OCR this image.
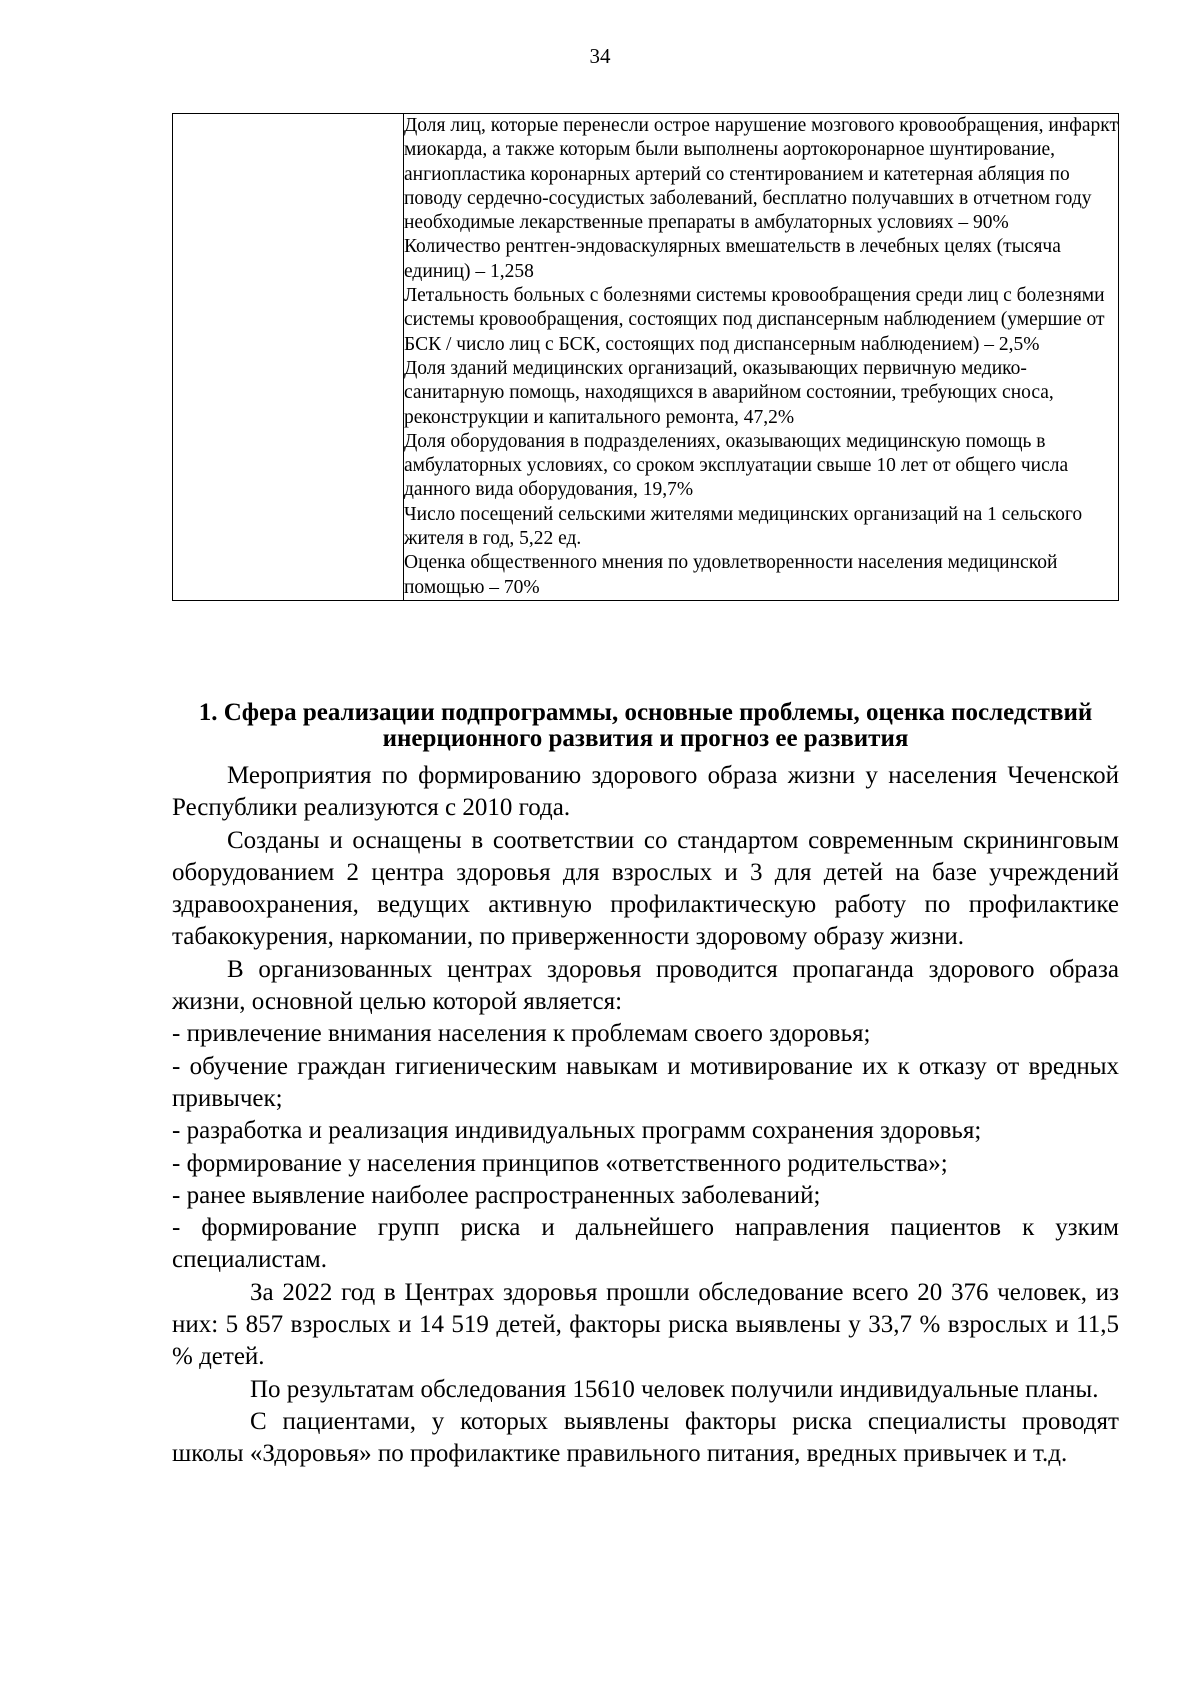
34

Доля лиц, которые перенесли острое нарушение мозгового кровообращения, инфаркт миокарда, а также которым были выполнены аортокоронарное шунтирование, ангиопластика коронарных артерий со стентированием и катетерная абляция по поводу сердечно-сосудистых заболеваний, бесплатно получавших в отчетном году необходимые лекарственные препараты в амбулаторных условиях – 90%

Количество рентген-эндоваскулярных вмешательств в лечебных целях (тысяча единиц) – 1,258

Летальность больных с болезнями системы кровообращения среди лиц с болезнями системы кровообращения, состоящих под диспансерным наблюдением (умершие от БСК / число лиц с БСК, состоящих под диспансерным наблюдением) – 2,5%

Доля зданий медицинских организаций, оказывающих первичную медико-санитарную помощь, находящихся в аварийном состоянии, требующих сноса, реконструкции и капитального ремонта, 47,2%

Доля оборудования в подразделениях, оказывающих медицинскую помощь в амбулаторных условиях, со сроком эксплуатации свыше 10 лет от общего числа данного вида оборудования, 19,7%

Число посещений сельскими жителями медицинских организаций на 1 сельского жителя в год, 5,22 ед.

Оценка общественного мнения по удовлетворенности населения медицинской помощью – 70%

1. Сфера реализации подпрограммы, основные проблемы, оценка последствий инерционного развития и прогноз ее развития

Мероприятия по формированию здорового образа жизни у населения Чеченской Республики реализуются с 2010 года.

Созданы и оснащены в соответствии со стандартом современным скрининговым оборудованием 2 центра здоровья для взрослых и 3 для детей на базе учреждений здравоохранения, ведущих активную профилактическую работу по профилактике табакокурения, наркомании, по приверженности здоровому образу жизни.

В организованных центрах здоровья проводится пропаганда здорового образа жизни, основной целью которой является:

- привлечение внимания населения к проблемам своего здоровья;

- обучение граждан гигиеническим навыкам и мотивирование их к отказу от вредных привычек;

- разработка и реализация индивидуальных программ сохранения здоровья;

- формирование у населения принципов «ответственного родительства»;

- ранее выявление наиболее распространенных заболеваний;

- формирование групп риска и дальнейшего направления пациентов к узким специалистам.

За 2022 год в Центрах здоровья прошли обследование всего 20 376 человек, из них: 5 857 взрослых и 14 519 детей, факторы риска выявлены у 33,7 % взрослых и 11,5 % детей.

По результатам обследования 15610 человек получили индивидуальные планы.

С пациентами, у которых выявлены факторы риска специалисты проводят школы «Здоровья» по профилактике правильного питания, вредных привычек и т.д.
